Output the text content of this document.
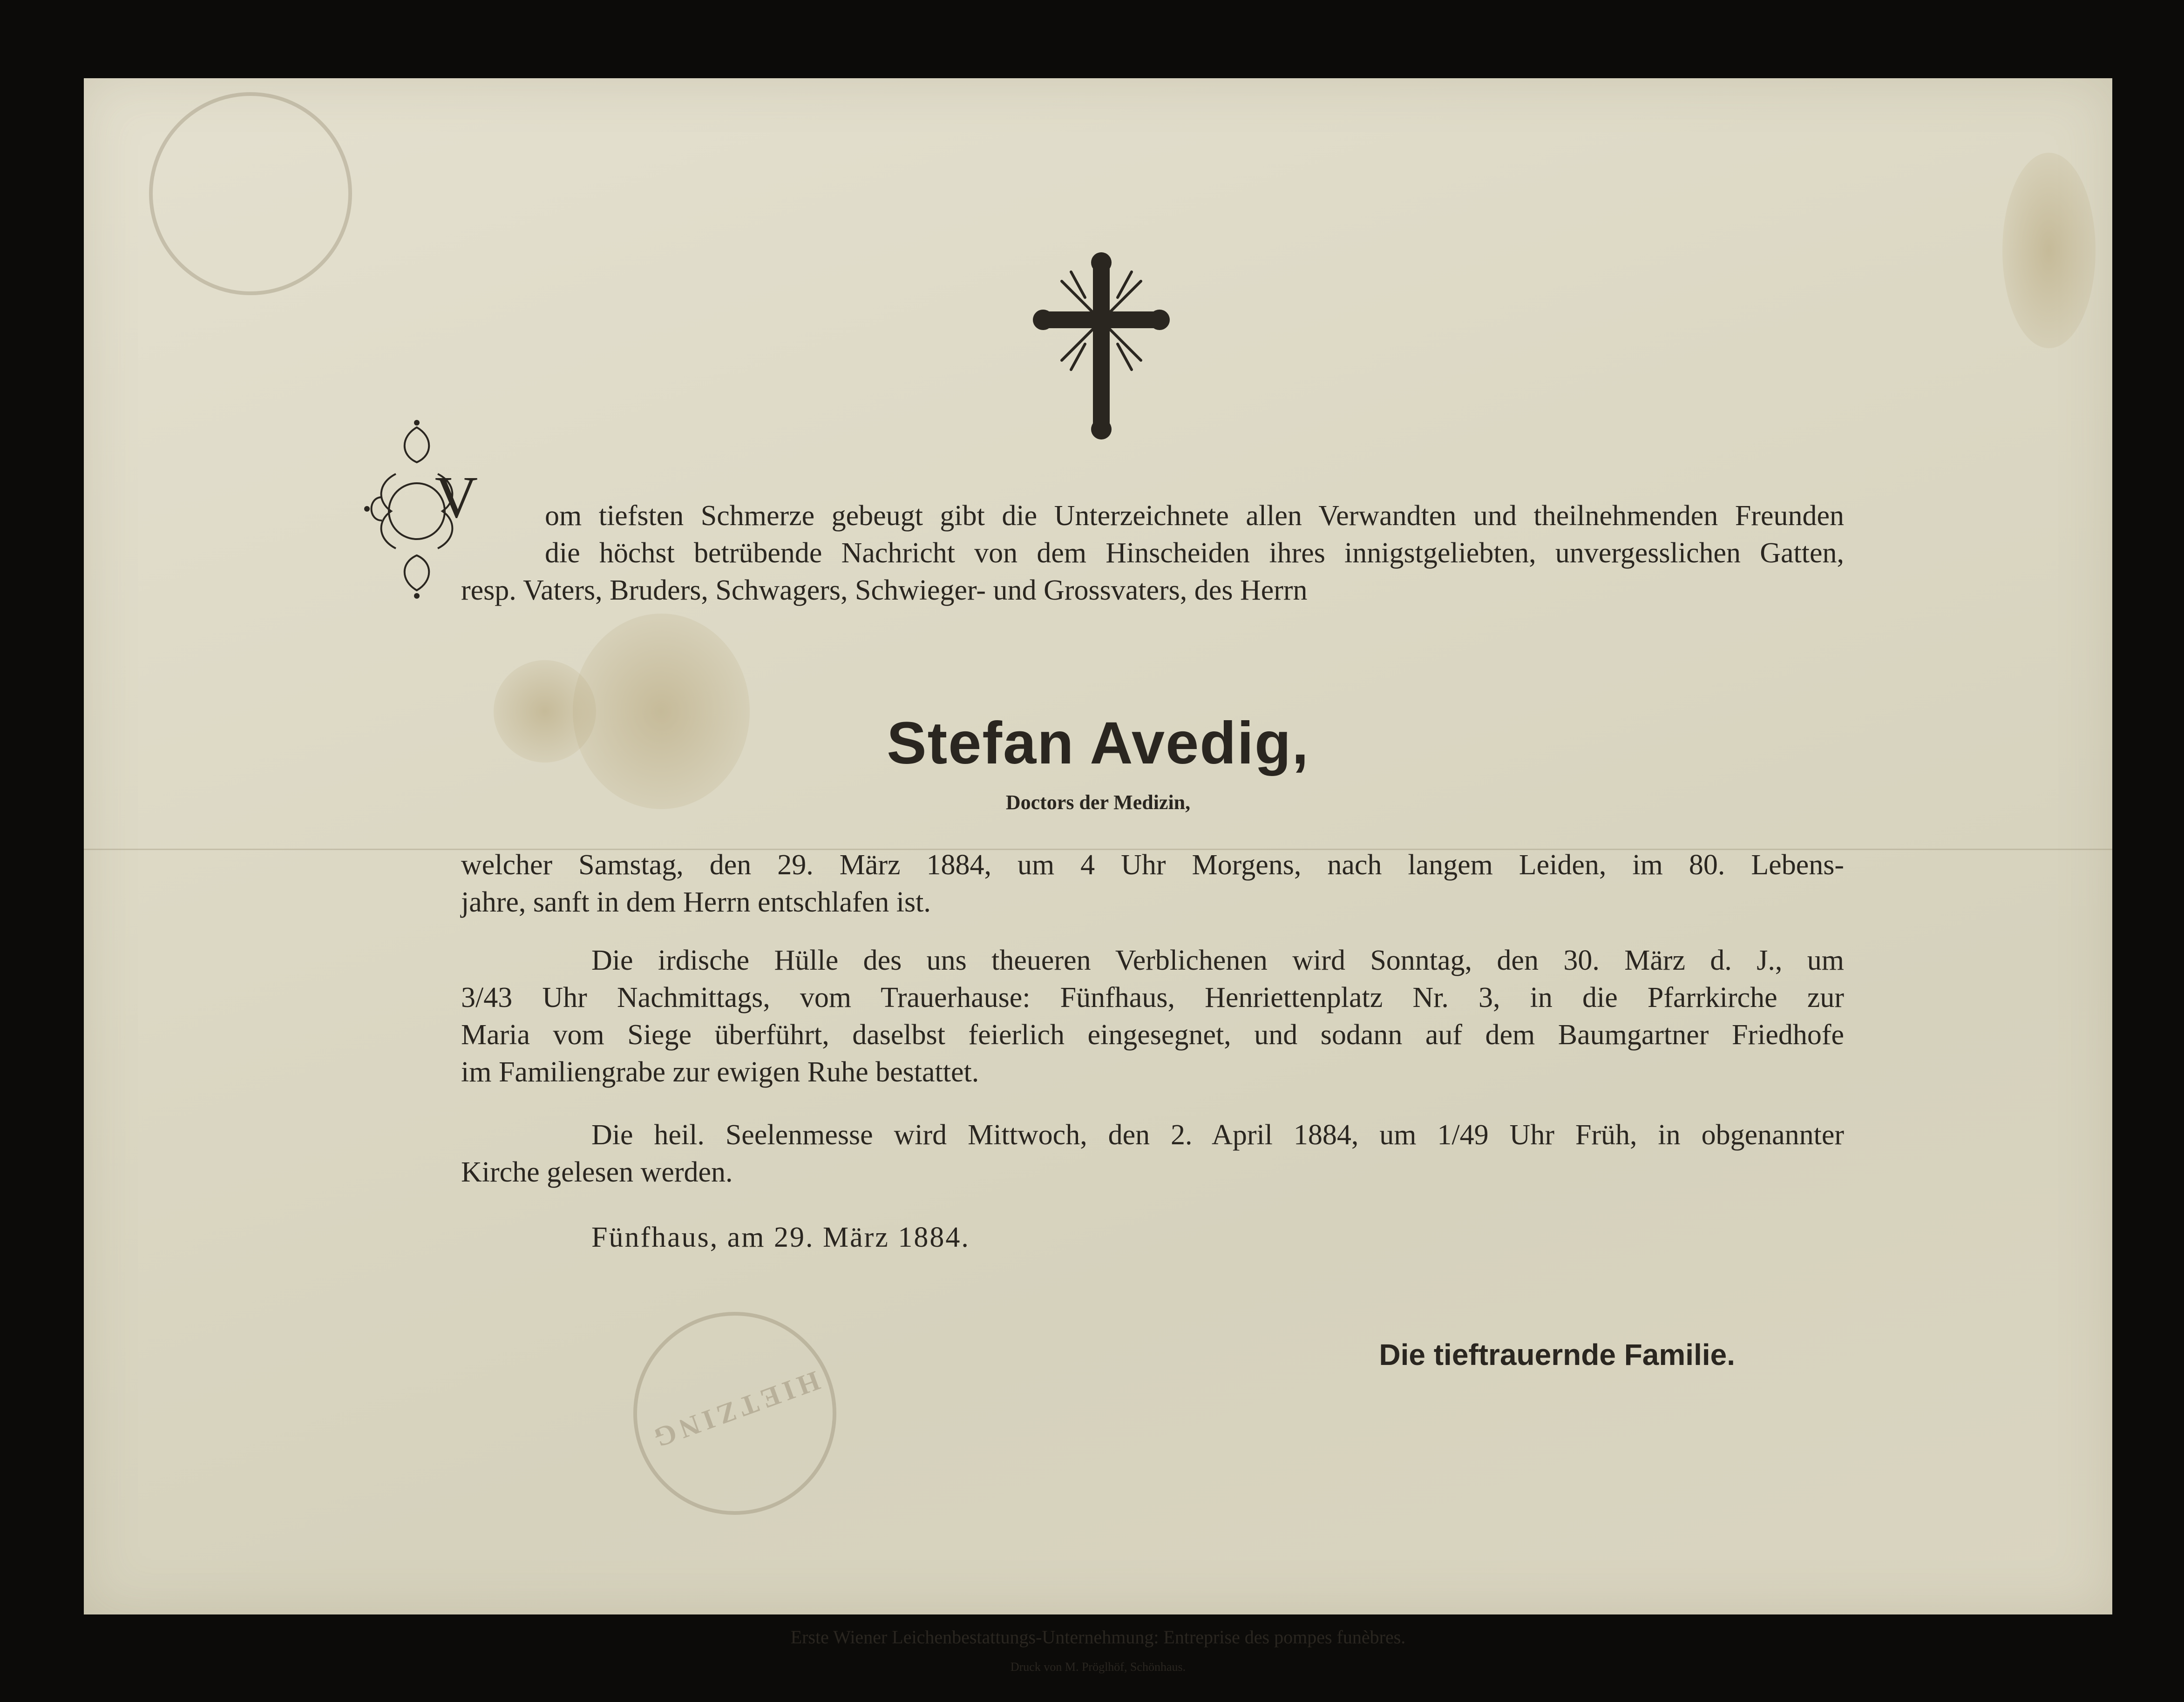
HIETZING
V om tiefsten Schmerze gebeugt gibt die Unterzeichnete allen Verwandten und theilnehmenden Freunden
die höchst betrübende Nachricht von dem Hinscheiden ihres innigstgeliebten, unvergesslichen Gatten,
resp. Vaters, Bruders, Schwagers, Schwieger- und Grossvaters, des Herrn
Stefan Avedig,
Doctors der Medizin,
welcher Samstag, den 29. März 1884, um 4 Uhr Morgens, nach langem Leiden, im 80. Lebens-
jahre, sanft in dem Herrn entschlafen ist.
Die irdische Hülle des uns theueren Verblichenen wird Sonntag, den 30. März d. J., um
3/43 Uhr Nachmittags, vom Trauerhause: Fünfhaus, Henriettenplatz Nr. 3, in die Pfarrkirche zur
Maria vom Siege überführt, daselbst feierlich eingesegnet, und sodann auf dem Baumgartner Friedhofe
im Familiengrabe zur ewigen Ruhe bestattet.
Die heil. Seelenmesse wird Mittwoch, den 2. April 1884, um 1/49 Uhr Früh, in obgenannter
Kirche gelesen werden.
Fünfhaus, am 29. März 1884.
Die tieftrauernde Familie.
Erste Wiener Leichenbestattungs-Unternehmung: Entreprise des pompes funèbres.
Druck von M. Pröglhöf, Schönhaus.
